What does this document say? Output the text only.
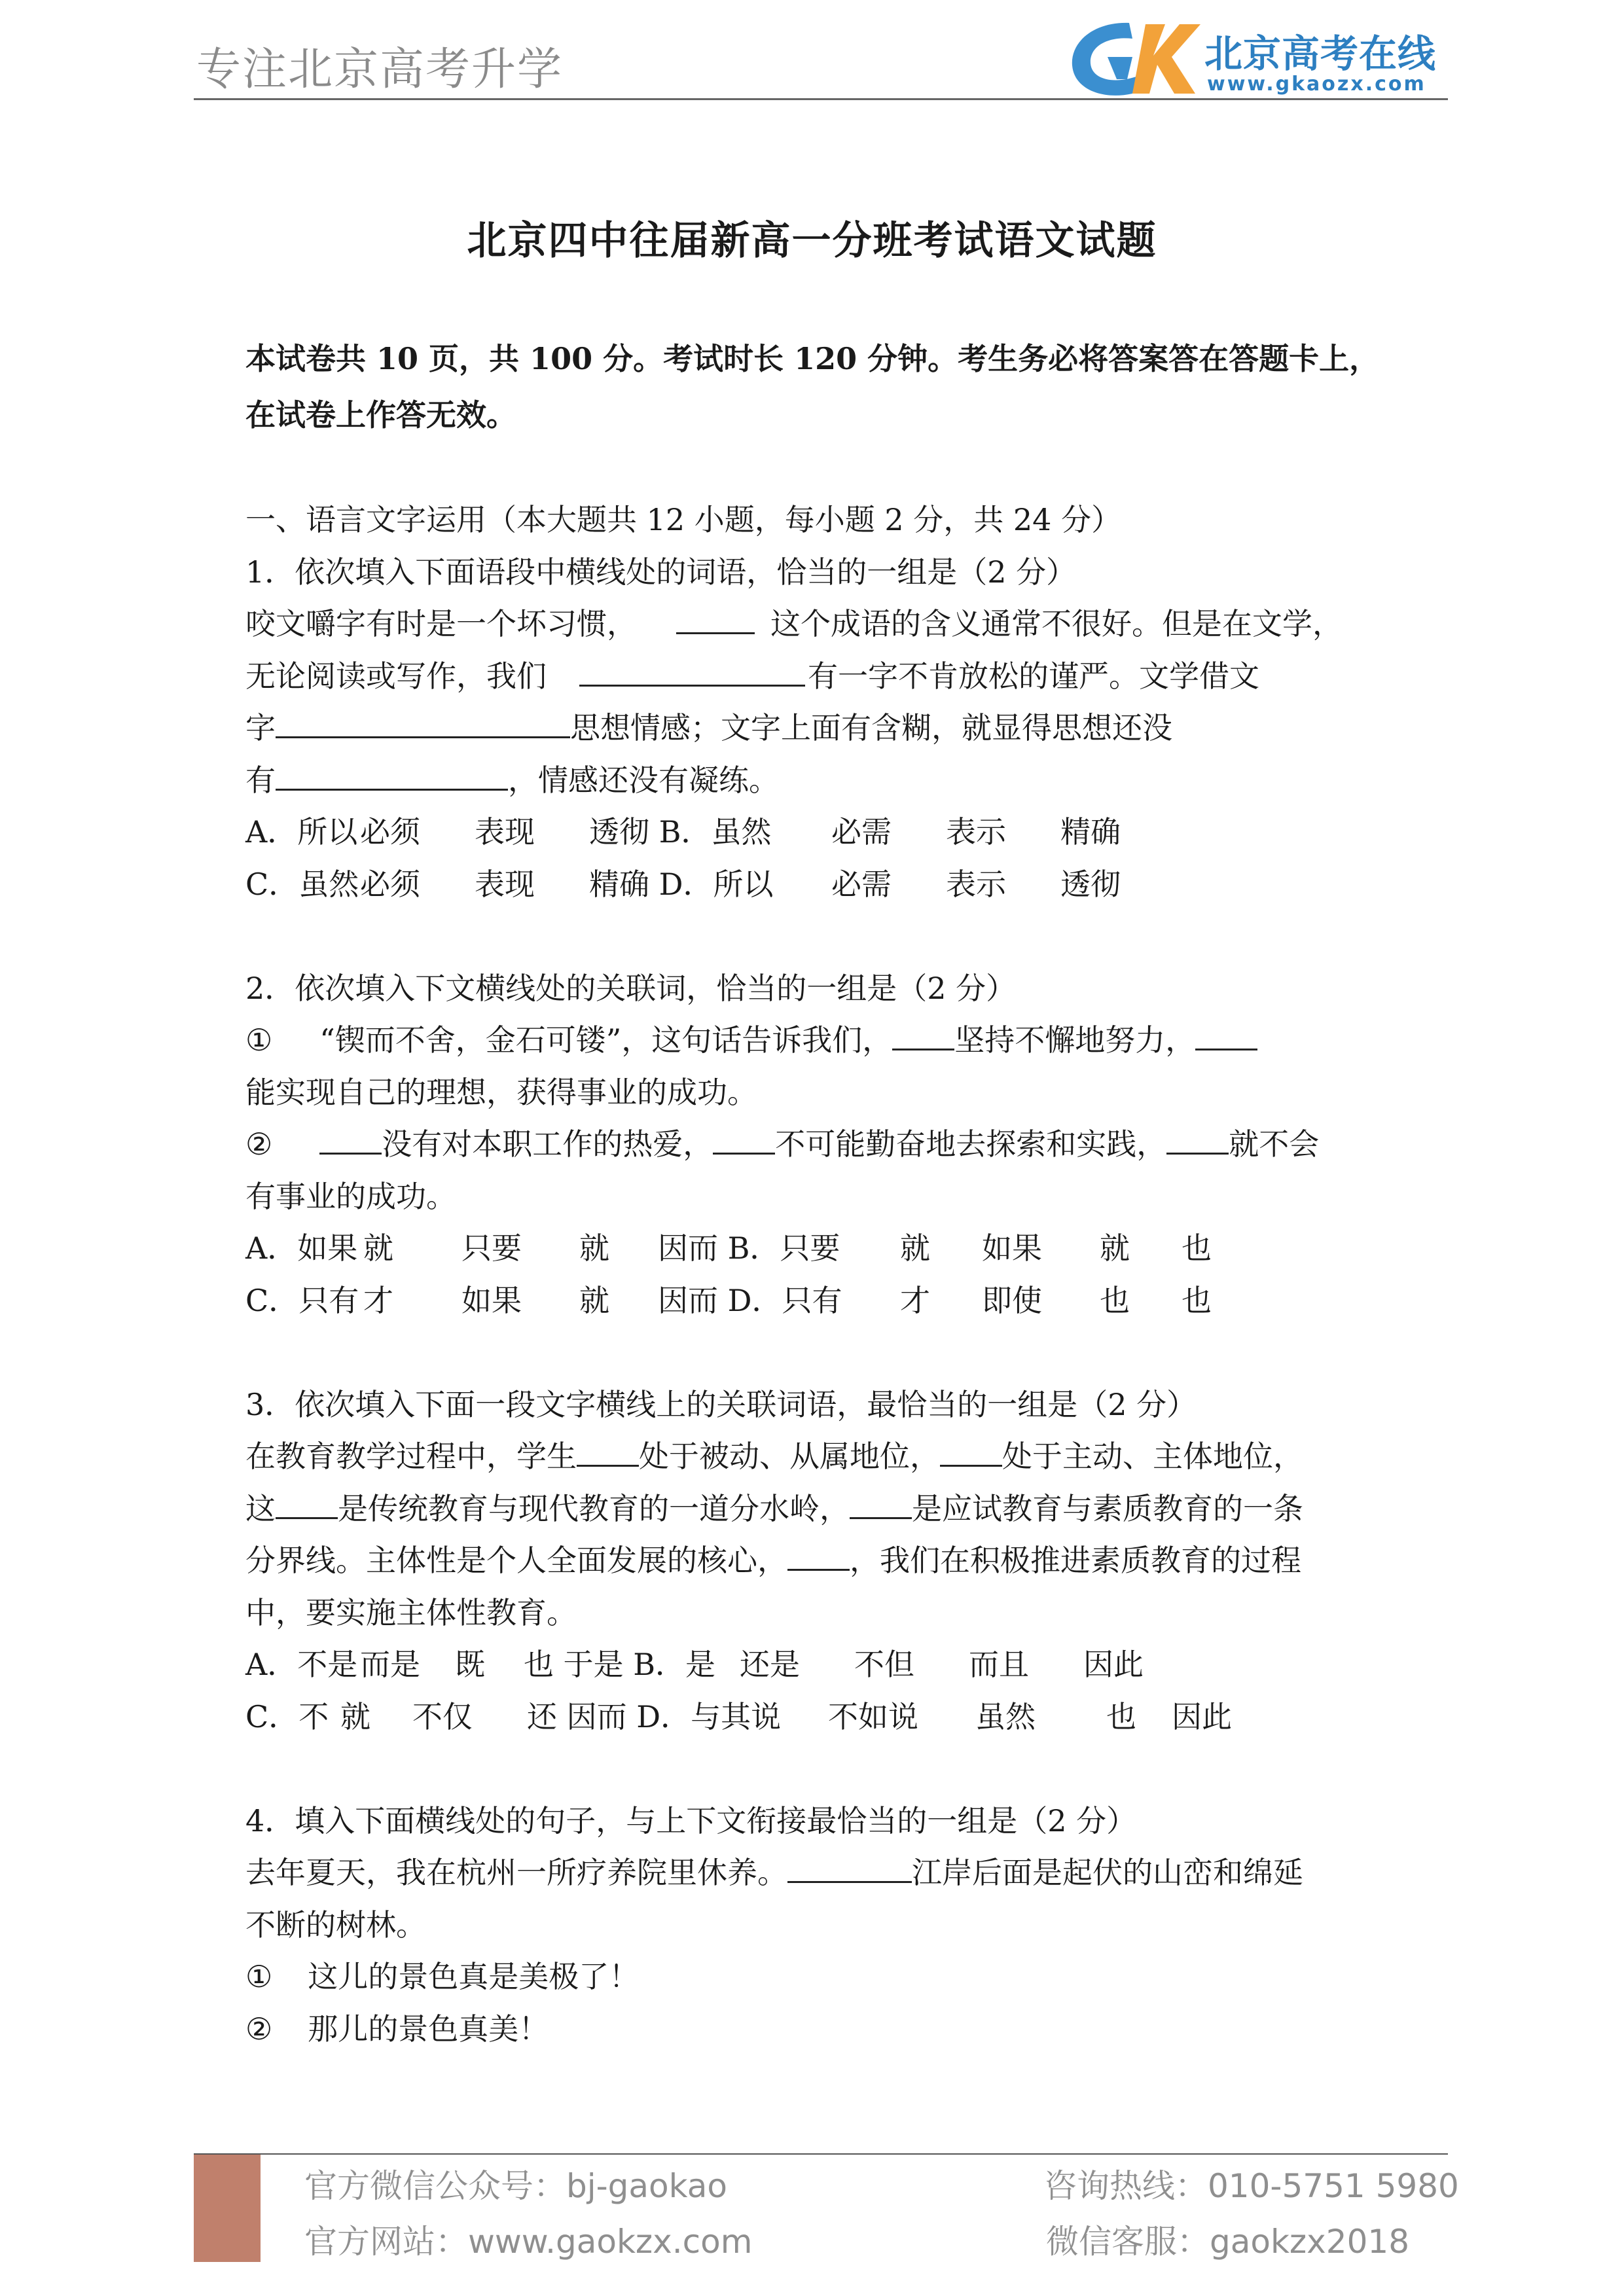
专注北京高考升学	北京高考在线
www.gkaozx.com
北京四中往届新高一分班考试语文试题
本试卷共 10 页，共 100 分。考试时长 120 分钟。考生务必将答案答在答题卡上，
在试卷上作答无效。
一、语言文字运用（本大题共 12 小题，每小题 2 分，共 24 分）
1．依次填入下面语段中横线处的词语，恰当的一组是（2 分）
咬文嚼字有时是一个坏习惯，	这个成语的含义通常不很好。但是在文学，
无论阅读或写作，我们	有一字不肯放松的谨严。文学借文
字	思想情感；文字上面有含糊，就显得思想还没
有	，情感还没有凝练。
A．所以必须 表现 透彻 B．虽然 必需 表示 精确
C．虽然必须 表现 精确 D．所以 必需 表示 透彻
2．依次填入下文横线处的关联词，恰当的一组是（2 分）
① “锲而不舍，金石可镂”，这句话告诉我们， 坚持不懈地努力，
能实现自己的理想，获得事业的成功。
②	没有对本职工作的热爱， 不可能勤奋地去探索和实践， 就不会
有事业的成功。
A．如果 就 只要 就 因而 B．只要 就 如果 就 也
C．只有 才 如果 就 因而 D．只有 才 即使 也 也
3．依次填入下面一段文字横线上的关联词语，最恰当的一组是（2 分）
在教育教学过程中，学生 处于被动、从属地位， 处于主动、主体地位，
这 是传统教育与现代教育的一道分水岭， 是应试教育与素质教育的一条
分界线。主体性是个人全面发展的核心， ，我们在积极推进素质教育的过程
中，要实施主体性教育。
A．不是而是 既 也 于是 B．是 还是 不但 而且 因此
C．不 就 不仅 还 因而 D．与其说 不如说 虽然 也 因此
4．填入下面横线处的句子，与上下文衔接最恰当的一组是（2 分）
去年夏天，我在杭州一所疗养院里休养。	江岸后面是起伏的山峦和绵延
不断的树林。
① 这儿的景色真是美极了！
② 那儿的景色真美！
官方微信公众号：bj-gaokao
官方网站：www.gaokzx.com
咨询热线：010-5751 5980
微信客服：gaokzx2018
